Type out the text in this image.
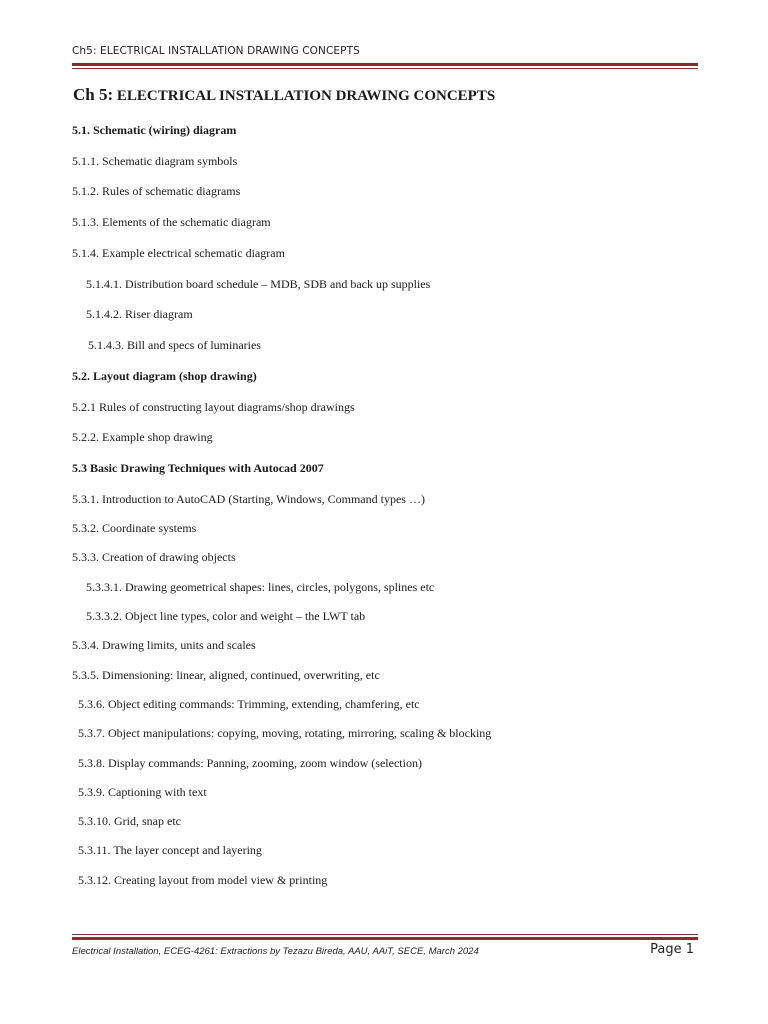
Ch5: ELECTRICAL INSTALLATION DRAWING CONCEPTS
Ch 5: ELECTRICAL INSTALLATION DRAWING CONCEPTS
5.1. Schematic (wiring) diagram
5.1.1. Schematic diagram symbols
5.1.2. Rules of schematic diagrams
5.1.3. Elements of the schematic diagram
5.1.4. Example electrical schematic diagram
5.1.4.1. Distribution board schedule – MDB, SDB and back up supplies
5.1.4.2. Riser diagram
5.1.4.3. Bill and specs of luminaries
5.2. Layout diagram (shop drawing)
5.2.1 Rules of constructing layout diagrams/shop drawings
5.2.2. Example shop drawing
5.3 Basic Drawing Techniques with Autocad 2007
5.3.1. Introduction to AutoCAD (Starting, Windows, Command types …)
5.3.2. Coordinate systems
5.3.3. Creation of drawing objects
5.3.3.1. Drawing geometrical shapes: lines, circles, polygons, splines etc
5.3.3.2. Object line types, color and weight – the LWT tab
5.3.4. Drawing limits, units and scales
5.3.5. Dimensioning: linear, aligned, continued, overwriting, etc
5.3.6. Object editing commands: Trimming, extending, chamfering, etc
5.3.7. Object manipulations: copying, moving, rotating, mirroring, scaling & blocking
5.3.8. Display commands: Panning, zooming, zoom window (selection)
5.3.9. Captioning with text
5.3.10. Grid, snap etc
5.3.11. The layer concept and layering
5.3.12. Creating layout from model view & printing
Electrical Installation, ECEG-4261: Extractions by Tezazu Bireda, AAU, AAiT, SECE, March 2024	Page 1
